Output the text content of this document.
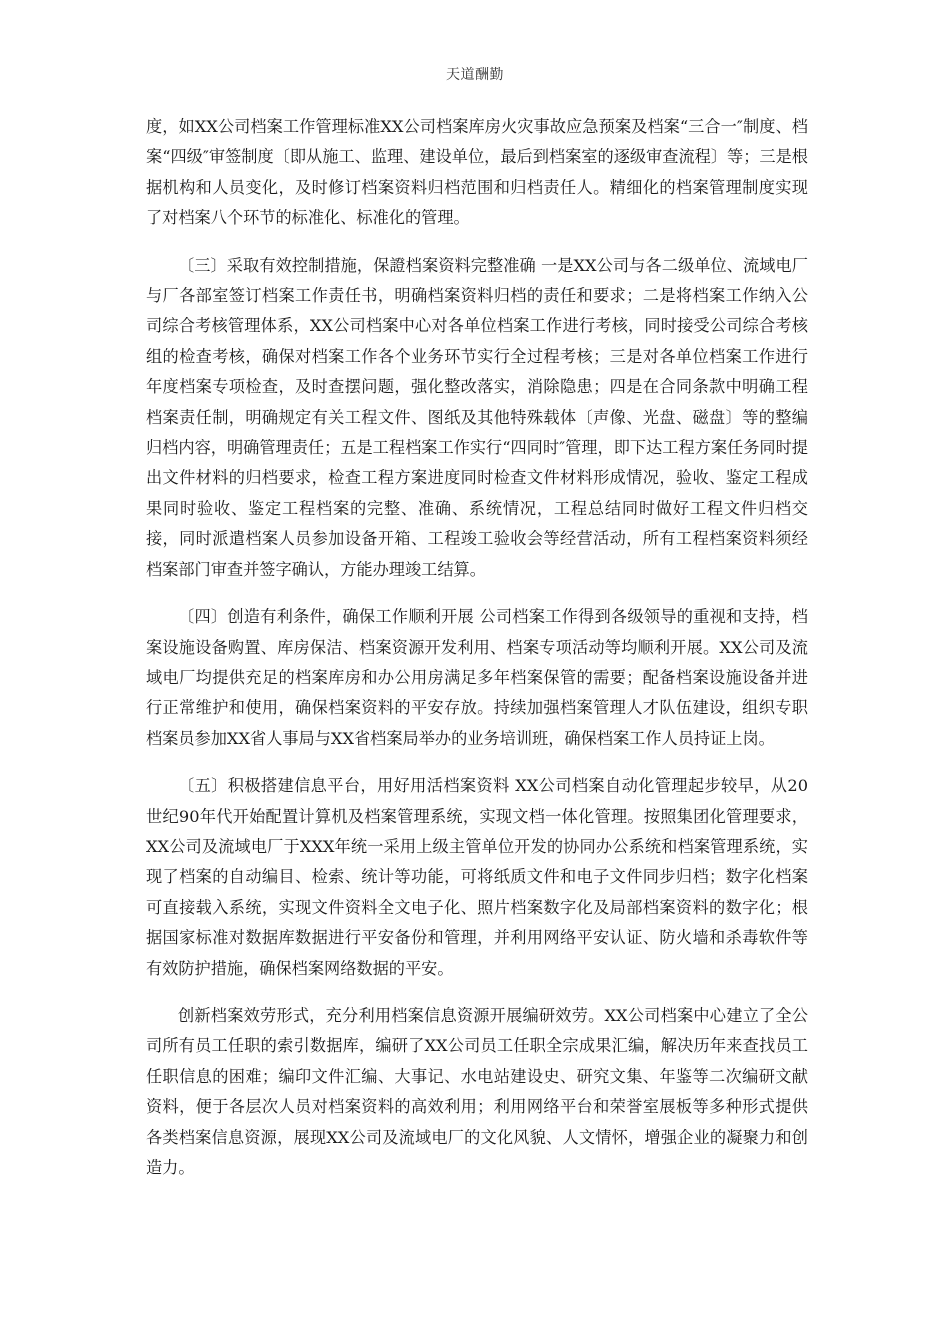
天道酬勤

度，如XX公司档案工作管理标准XX公司档案库房火灾事故应急预案及档案“三合一″制度、档案“四级″审签制度〔即从施工、监理、建设单位，最后到档案室的逐级审查流程〕等；三是根据机构和人员变化，及时修订档案资料归档范围和归档责任人。精细化的档案管理制度实现了对档案八个环节的标准化、标准化的管理。

〔三〕采取有效控制措施，保證档案资料完整准确 一是XX公司与各二级单位、流域电厂与厂各部室签订档案工作责任书，明确档案资料归档的责任和要求；二是将档案工作纳入公司综合考核管理体系，XX公司档案中心对各单位档案工作进行考核，同时接受公司综合考核组的检查考核，确保对档案工作各个业务环节实行全过程考核；三是对各单位档案工作进行年度档案专项检查，及时查摆问题，强化整改落实，消除隐患；四是在合同条款中明确工程档案责任制，明确规定有关工程文件、图纸及其他特殊载体〔声像、光盘、磁盘〕等的整编归档内容，明确管理责任；五是工程档案工作实行“四同时″管理，即下达工程方案任务同时提出文件材料的归档要求，检查工程方案进度同时检查文件材料形成情况，验收、鉴定工程成果同时验收、鉴定工程档案的完整、准确、系统情况，工程总结同时做好工程文件归档交接，同时派遣档案人员参加设备开箱、工程竣工验收会等经营活动，所有工程档案资料须经档案部门审查并签字确认，方能办理竣工结算。

〔四〕创造有利条件，确保工作顺利开展 公司档案工作得到各级领导的重视和支持，档案设施设备购置、库房保洁、档案资源开发利用、档案专项活动等均顺利开展。XX公司及流域电厂均提供充足的档案库房和办公用房满足多年档案保管的需要；配备档案设施设备并进行正常维护和使用，确保档案资料的平安存放。持续加强档案管理人才队伍建设，组织专职档案员参加XX省人事局与XX省档案局举办的业务培训班，确保档案工作人员持证上岗。

〔五〕积极搭建信息平台，用好用活档案资料 XX公司档案自动化管理起步较早，从20世纪90年代开始配置计算机及档案管理系统，实现文档一体化管理。按照集团化管理要求，XX公司及流域电厂于XXX年统一采用上级主管单位开发的协同办公系统和档案管理系统，实现了档案的自动编目、检索、统计等功能，可将纸质文件和电子文件同步归档；数字化档案可直接载入系统，实现文件资料全文电子化、照片档案数字化及局部档案资料的数字化；根据国家标准对数据库数据进行平安备份和管理，并利用网络平安认证、防火墙和杀毒软件等有效防护措施，确保档案网络数据的平安。

创新档案效劳形式，充分利用档案信息资源开展编研效劳。XX公司档案中心建立了全公司所有员工任职的索引数据库，编研了XX公司员工任职全宗成果汇编，解决历年来查找员工任职信息的困难；编印文件汇编、大事记、水电站建设史、研究文集、年鉴等二次编研文献资料，便于各层次人员对档案资料的高效利用；利用网络平台和荣誉室展板等多种形式提供各类档案信息资源，展现XX公司及流域电厂的文化风貌、人文情怀，增强企业的凝聚力和创造力。
